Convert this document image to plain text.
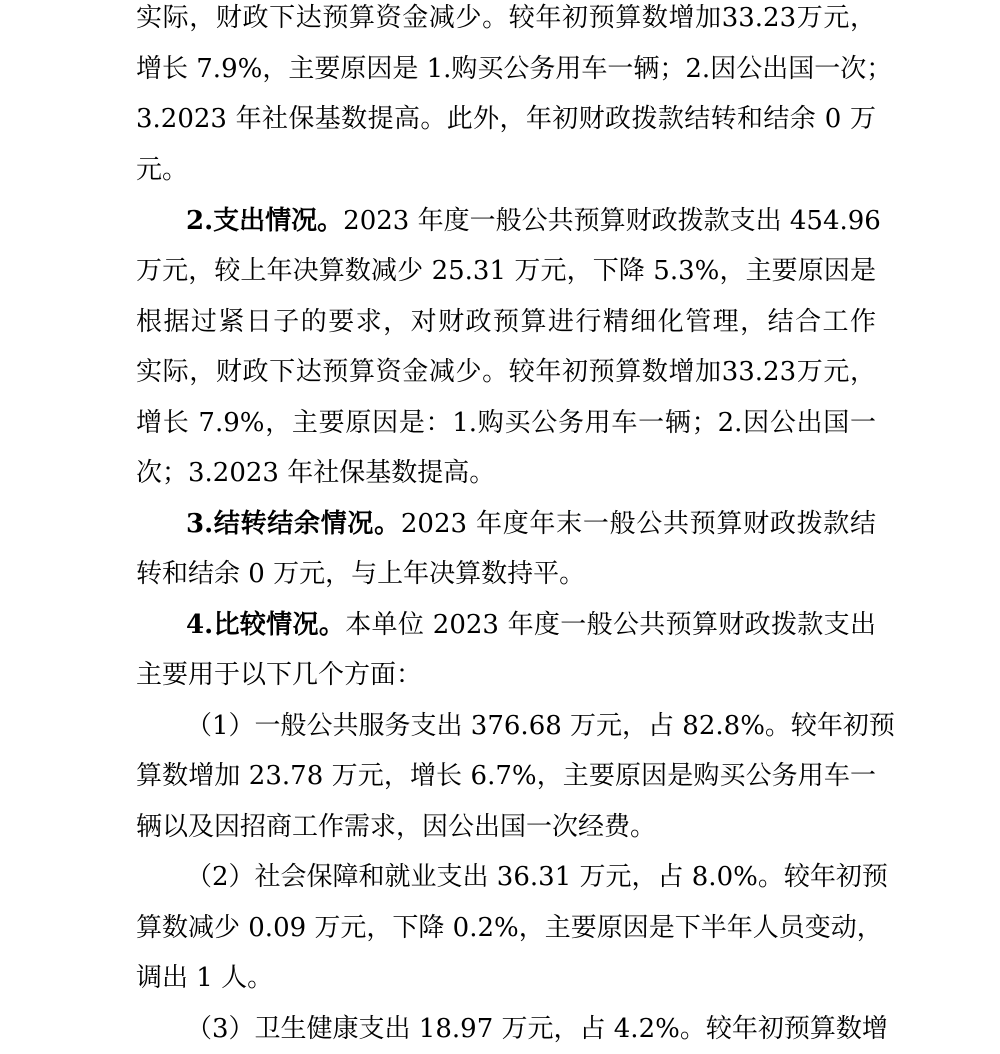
实际，财政下达预算资金减少。较年初预算数增加33.23万元，
增长 7.9%，主要原因是 1.购买公务用车一辆；2.因公出国一次；
3.2023 年社保基数提高。此外，年初财政拨款结转和结余 0 万
元。
2.支出情况。2023 年度一般公共预算财政拨款支出 454.96
万元，较上年决算数减少 25.31 万元，下降 5.3%，主要原因是
根据过紧日子的要求，对财政预算进行精细化管理，结合工作
实际，财政下达预算资金减少。较年初预算数增加33.23万元，
增长 7.9%，主要原因是：1.购买公务用车一辆；2.因公出国一
次；3.2023 年社保基数提高。
3.结转结余情况。2023 年度年末一般公共预算财政拨款结
转和结余 0 万元，与上年决算数持平。
4.比较情况。本单位 2023 年度一般公共预算财政拨款支出
主要用于以下几个方面：
（1）一般公共服务支出 376.68 万元，占 82.8%。较年初预
算数增加 23.78 万元，增长 6.7%，主要原因是购买公务用车一
辆以及因招商工作需求，因公出国一次经费。
（2）社会保障和就业支出 36.31 万元，占 8.0%。较年初预
算数减少 0.09 万元，下降 0.2%，主要原因是下半年人员变动，
调出 1 人。
（3）卫生健康支出 18.97 万元，占 4.2%。较年初预算数增
